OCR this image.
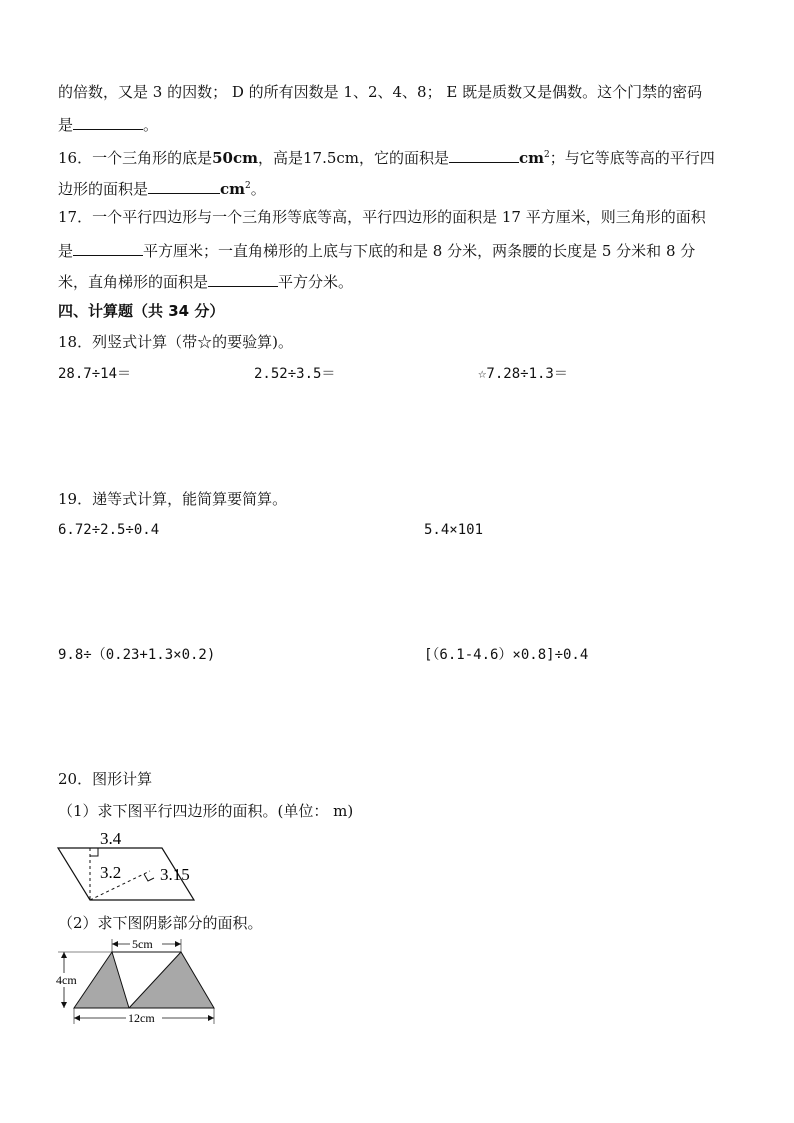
的倍数，又是 3 的因数； D 的所有因数是 1、2、4、8； E 既是质数又是偶数。这个门禁的密码
是	。
16．一个三角形的底是50cm，高是17.5cm，它的面积是	$cm^2$；与它等底等高的平行四
边形的面积是	$cm^2$。
17．一个平行四边形与一个三角形等底等高，平行四边形的面积是 17 平方厘米，则三角形的面积
是	平方厘米；一直角梯形的上底与下底的和是 8 分米，两条腰的长度是 5 分米和 8 分
米，直角梯形的面积是	平方分米。
四、计算题（共 34 分）
18．列竖式计算（带☆的要验算)。
28.7÷14＝	2.52÷3.5＝	☆7.28÷1.3＝
19．递等式计算，能简算要简算。
6.72÷2.5÷0.4	5.4×101
9.8÷（0.23+1.3×0.2)	[（6.1-4.6）×0.8]÷0.4
20．图形计算
（1）求下图平行四边形的面积。(单位： m)
3.4
3.2 3.15
（2）求下图阴影部分的面积。
5cm
4cm
12cm
